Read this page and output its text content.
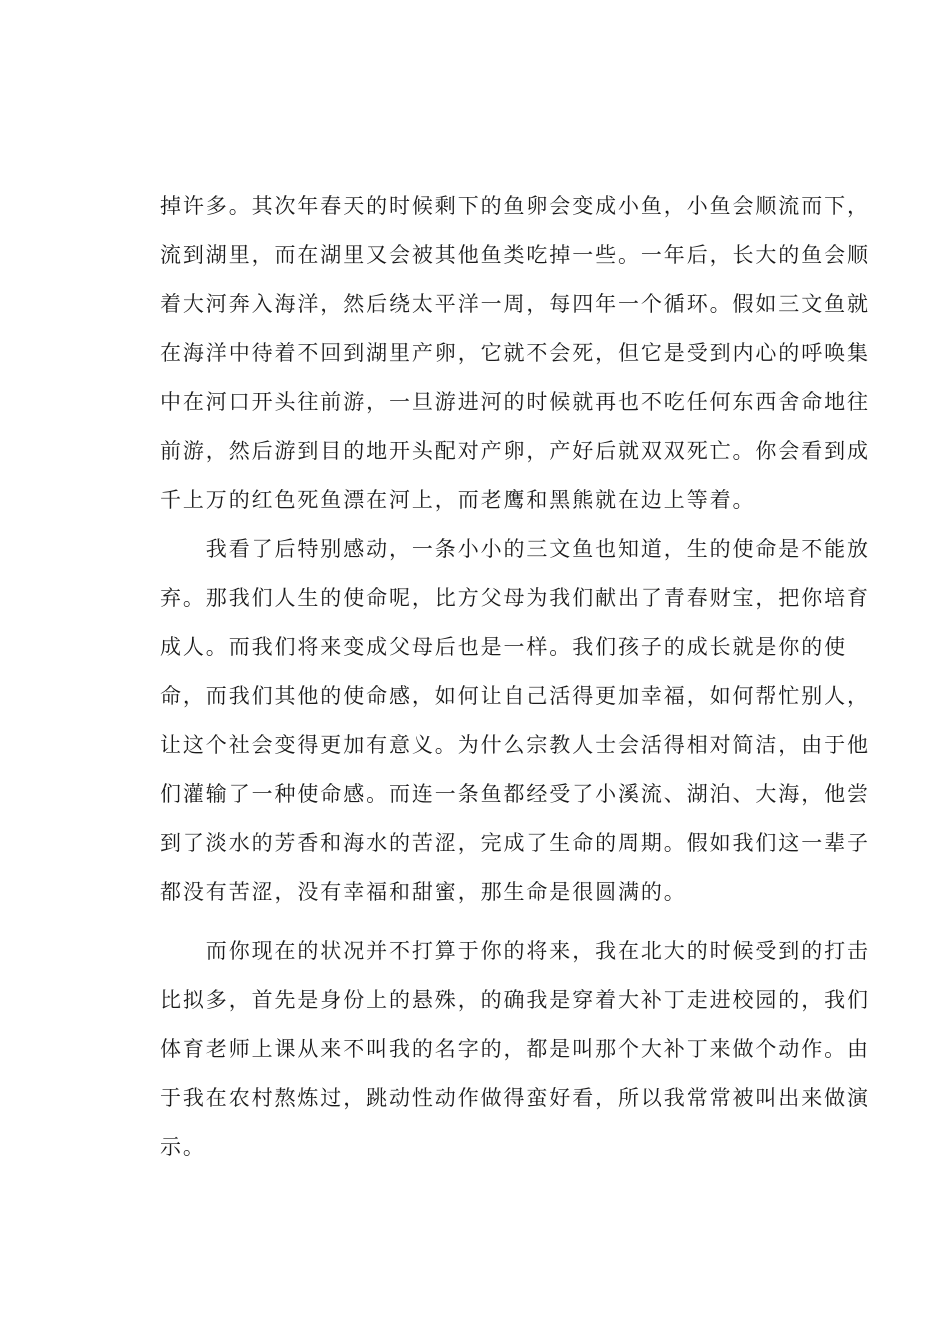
掉许多。其次年春天的时候剩下的鱼卵会变成小鱼，小鱼会顺流而下，
流到湖里，而在湖里又会被其他鱼类吃掉一些。一年后，长大的鱼会顺
着大河奔入海洋，然后绕太平洋一周，每四年一个循环。假如三文鱼就
在海洋中待着不回到湖里产卵，它就不会死，但它是受到内心的呼唤集
中在河口开头往前游，一旦游进河的时候就再也不吃任何东西舍命地往
前游，然后游到目的地开头配对产卵，产好后就双双死亡。你会看到成
千上万的红色死鱼漂在河上，而老鹰和黑熊就在边上等着。
　　我看了后特别感动，一条小小的三文鱼也知道，生的使命是不能放
弃。那我们人生的使命呢，比方父母为我们献出了青春财宝，把你培育
成人。而我们将来变成父母后也是一样。我们孩子的成长就是你的使
命，而我们其他的使命感，如何让自己活得更加幸福，如何帮忙别人，
让这个社会变得更加有意义。为什么宗教人士会活得相对简洁，由于他
们灌输了一种使命感。而连一条鱼都经受了小溪流、湖泊、大海，他尝
到了淡水的芳香和海水的苦涩，完成了生命的周期。假如我们这一辈子
都没有苦涩，没有幸福和甜蜜，那生命是很圆满的。
　　而你现在的状况并不打算于你的将来，我在北大的时候受到的打击
比拟多，首先是身份上的悬殊，的确我是穿着大补丁走进校园的，我们
体育老师上课从来不叫我的名字的，都是叫那个大补丁来做个动作。由
于我在农村熬炼过，跳动性动作做得蛮好看，所以我常常被叫出来做演
示。
